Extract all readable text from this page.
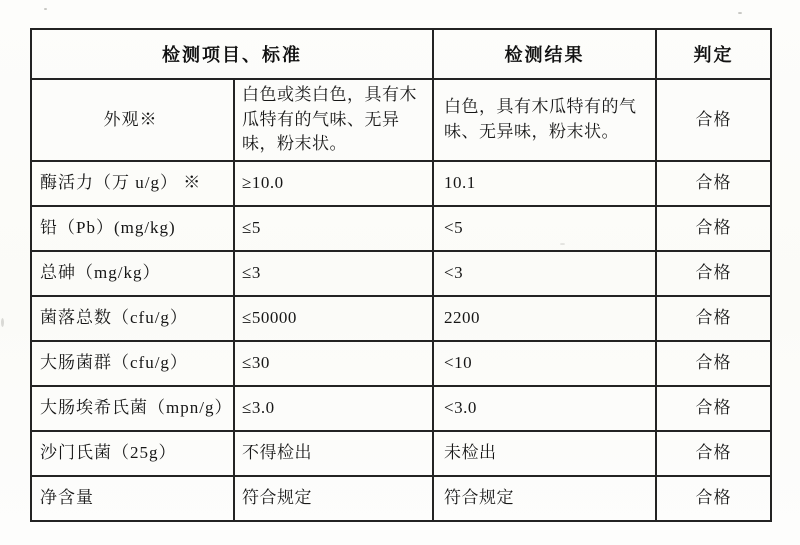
检测项目、标准		检测结果	判定
外观※	白色或类白色，具有木瓜特有的气味、无异味，粉末状。	白色，具有木瓜特有的气味、无异味，粉末状。	合格
酶活力（万 u/g） ※	≥10.0	10.1	合格
铅（Pb）(mg/kg)	≤5	<5	合格
总砷（mg/kg）	≤3	<3	合格
菌落总数（cfu/g）	≤50000	2200	合格
大肠菌群（cfu/g）	≤30	<10	合格
大肠埃希氏菌（mpn/g）	≤3.0	<3.0	合格
沙门氏菌（25g）	不得检出	未检出	合格
净含量	符合规定	符合规定	合格
